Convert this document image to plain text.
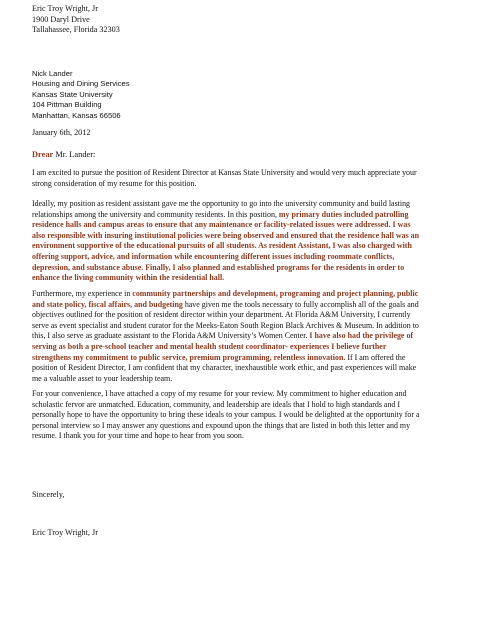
Eric Troy Wright, Jr
1900 Daryl Drive
Tallahassee, Florida 32303
Nick Lander
Housing and Dining Services
Kansas State University
104 Pittman Building
Manhattan, Kansas 66506
January 6th, 2012
Drear Mr. Lander:
I am excited to pursue the position of Resident Director at Kansas State University and would very much appreciate your
strong consideration of my resume for this position.
Ideally, my position as resident assistant gave me the opportunity to go into the university community and build lasting
relationships among the university and community residents. In this position, my primary duties included patrolling
residence halls and campus areas to ensure that any maintenance or facility-related issues were addressed. I was
also responsible with insuring institutional policies were being observed and ensured that the residence hall was an
environment supportive of the educational pursuits of all students. As resident Assistant, I was also charged with
offering support, advice, and information while encountering different issues including roommate conflicts,
depression, and substance abuse. Finally, I also planned and established programs for the residents in order to
enhance the living community within the residential hall.
Furthermore, my experience in community partnerships and development, programing and project planning, public
and state policy, fiscal affairs, and budgeting have given me the tools necessary to fully accomplish all of the goals and
objectives outlined for the position of resident director within your department. At Florida A&M University, I currently
serve as event specialist and student curator for the Meeks-Eaton South Region Black Archives & Museum. In addition to
this, I also serve as graduate assistant to the Florida A&M University’s Women Center. I have also had the privilege of
serving as both a pre-school teacher and mental health student coordinator- experiences I believe further
strengthens my commitment to public service, premium programming, relentless innovation. If I am offered the
position of Resident Director, I am confident that my character, inexhaustible work ethic, and past experiences will make
me a valuable asset to your leadership team.
For your convenience, I have attached a copy of my resume for your review. My commitment to higher education and
scholastic fervor are unmatched. Education, community, and leadership are ideals that I hold to high standards and I
personally hope to have the opportunity to bring these ideals to your campus. I would be delighted at the opportunity for a
personal interview so I may answer any questions and expound upon the things that are listed in both this letter and my
resume. I thank you for your time and hope to hear from you soon.
Sincerely,
Eric Troy Wright, Jr
